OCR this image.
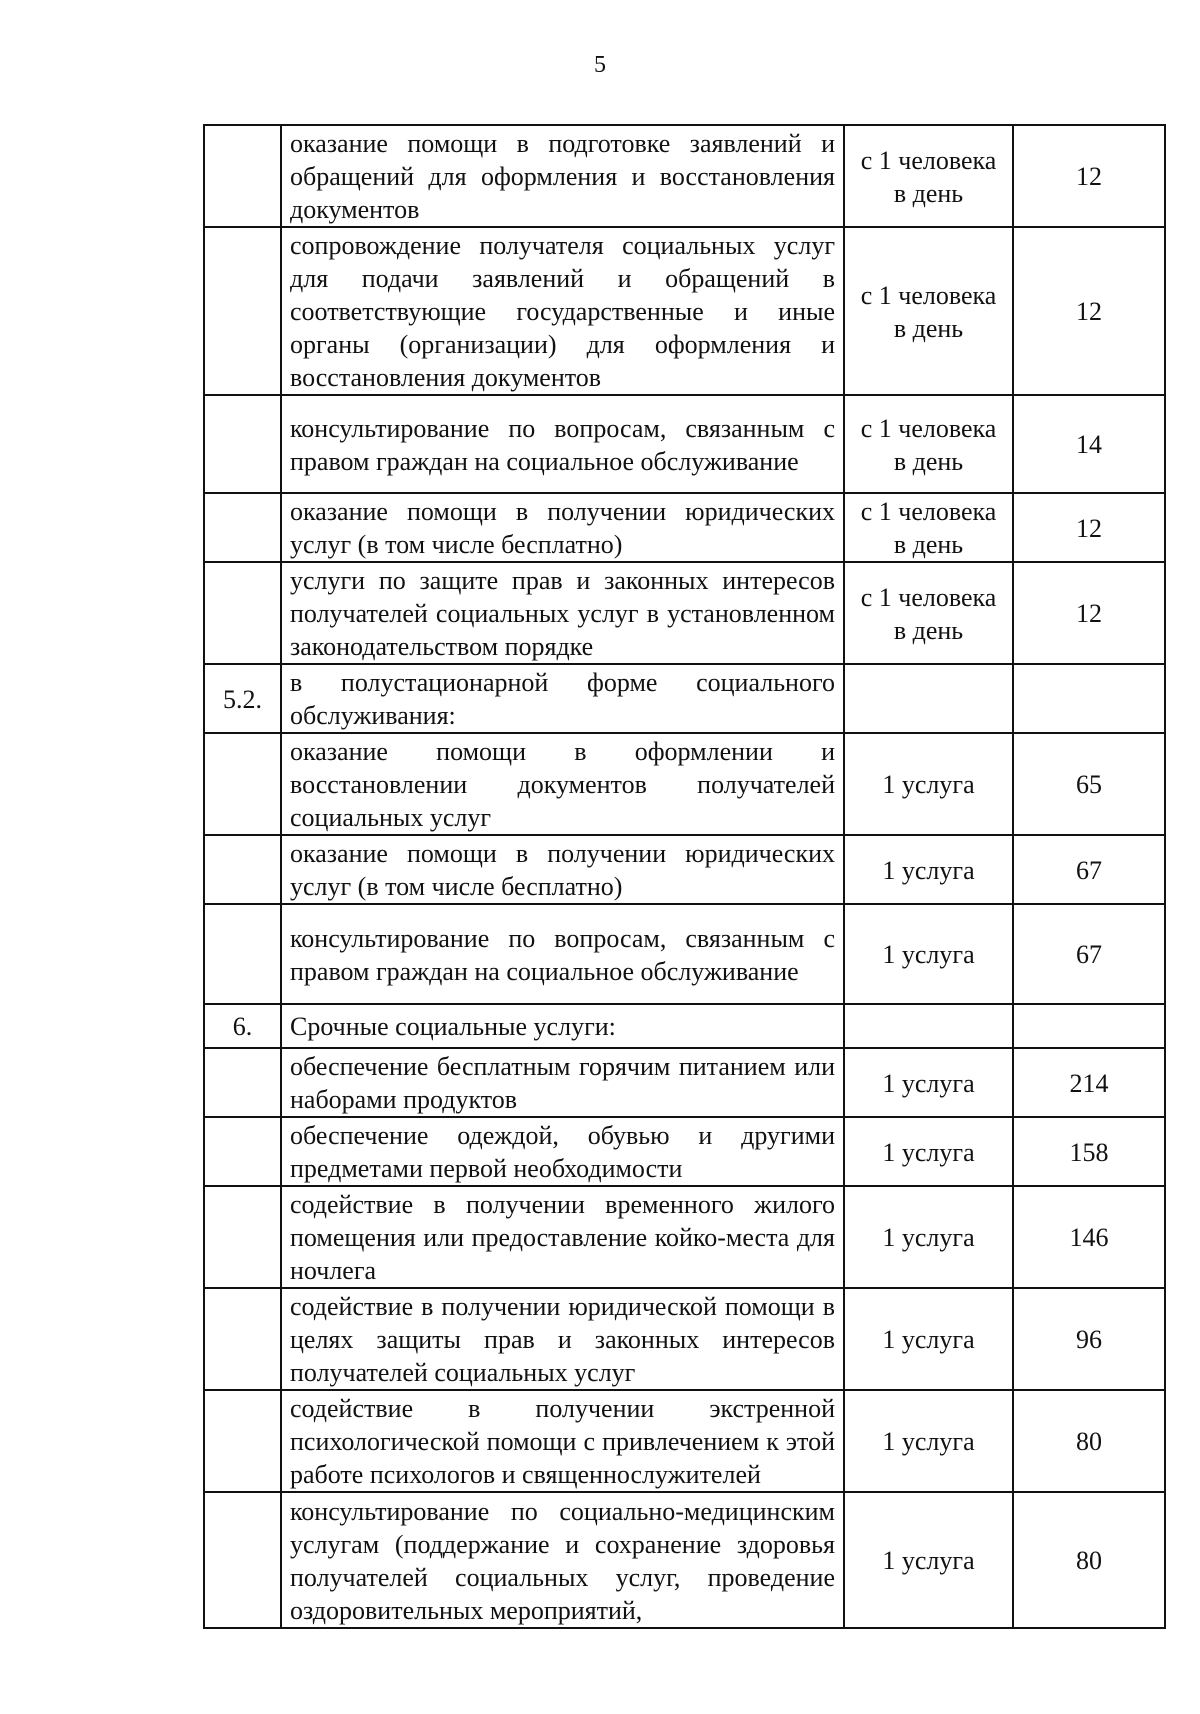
5
	оказание помощи в подготовке заявлений и обращений для оформления и восстановления документов	с 1 человека в день	12
	сопровождение получателя социальных услуг для подачи заявлений и обращений в соответствующие государственные и иные органы (организации) для оформления и восстановления документов	с 1 человека в день	12
	консультирование по вопросам, связанным с правом граждан на социальное обслуживание	с 1 человека в день	14
	оказание помощи в получении юридических услуг (в том числе бесплатно)	с 1 человека в день	12
	услуги по защите прав и законных интересов получателей социальных услуг в установленном законодательством порядке	с 1 человека в день	12
5.2.	в полустационарной форме социального обслуживания:		
	оказание помощи в оформлении и восстановлении документов получателей социальных услуг	1 услуга	65
	оказание помощи в получении юридических услуг (в том числе бесплатно)	1 услуга	67
	консультирование по вопросам, связанным с правом граждан на социальное обслуживание	1 услуга	67
6.	Срочные социальные услуги:		
	обеспечение бесплатным горячим питанием или наборами продуктов	1 услуга	214
	обеспечение одеждой, обувью и другими предметами первой необходимости	1 услуга	158
	содействие в получении временного жилого помещения или предоставление койко-места для ночлега	1 услуга	146
	содействие в получении юридической помощи в целях защиты прав и законных интересов получателей социальных услуг	1 услуга	96
	содействие в получении экстренной психологической помощи с привлечением к этой работе психологов и священнослужителей	1 услуга	80
	консультирование по социально-медицинским услугам (поддержание и сохранение здоровья получателей социальных услуг, проведение оздоровительных мероприятий,	1 услуга	80
